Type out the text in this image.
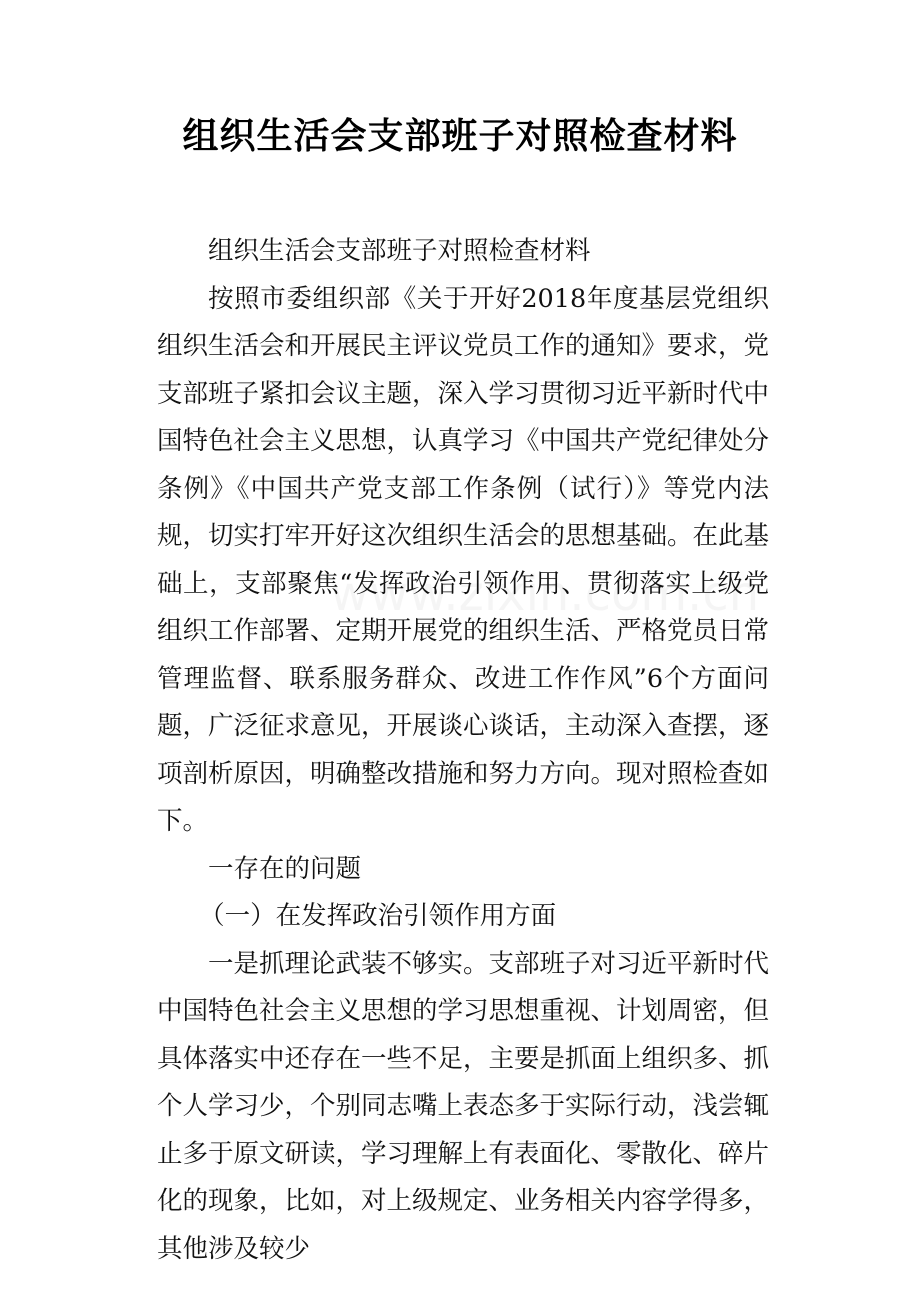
组织生活会支部班子对照检查材料

组织生活会支部班子对照检查材料

按照市委组织部《关于开好2018年度基层党组织组织生活会和开展民主评议党员工作的通知》要求，党支部班子紧扣会议主题，深入学习贯彻习近平新时代中国特色社会主义思想，认真学习《中国共产党纪律处分条例》《中国共产党支部工作条例（试行）》等党内法规，切实打牢开好这次组织生活会的思想基础。在此基础上，支部聚焦“发挥政治引领作用、贯彻落实上级党组织工作部署、定期开展党的组织生活、严格党员日常管理监督、联系服务群众、改进工作作风”6个方面问题，广泛征求意见，开展谈心谈话，主动深入查摆，逐项剖析原因，明确整改措施和努力方向。现对照检查如下。

一存在的问题

（一）在发挥政治引领作用方面

一是抓理论武装不够实。支部班子对习近平新时代中国特色社会主义思想的学习思想重视、计划周密，但具体落实中还存在一些不足，主要是抓面上组织多、抓个人学习少，个别同志嘴上表态多于实际行动，浅尝辄止多于原文研读，学习理解上有表面化、零散化、碎片化的现象，比如，对上级规定、业务相关内容学得多，其他涉及较少
